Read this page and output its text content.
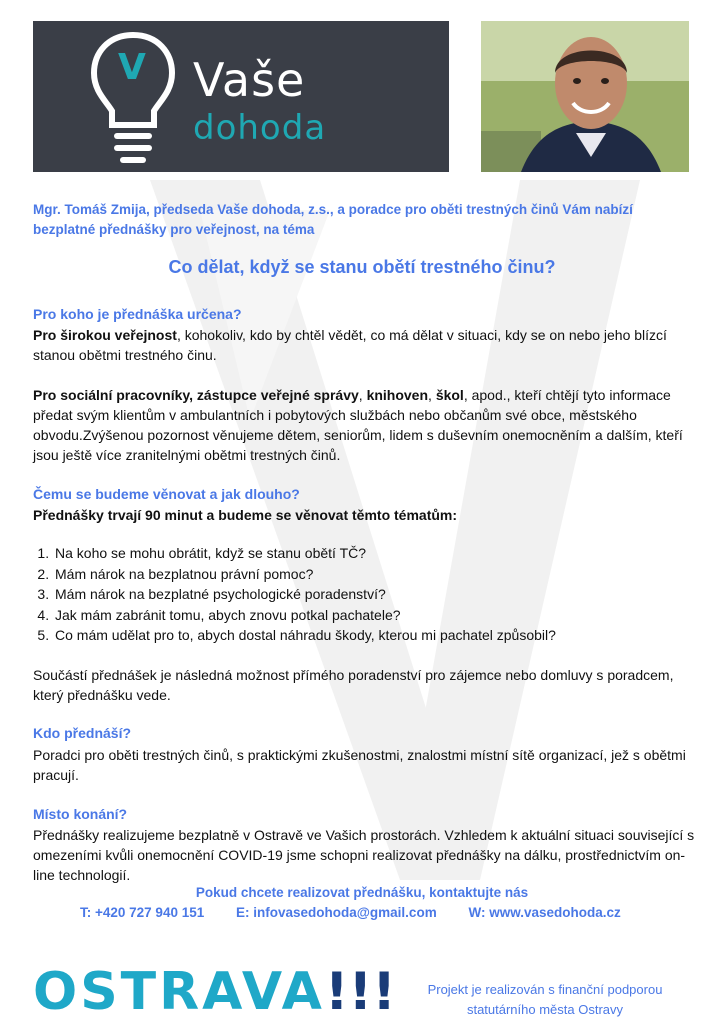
V Vaše
dohoda
Mgr. Tomáš Zmija, předseda Vaše dohoda, z.s., a poradce pro oběti trestných činů Vám nabízí bezplatné přednášky pro veřejnost, na téma
Co dělat, když se stanu obětí trestného činu?
Pro koho je přednáška určena?
Pro širokou veřejnost, kohokoliv, kdo by chtěl vědět, co má dělat v situaci, kdy se on nebo jeho blízcí stanou obětmi trestného činu.
Pro sociální pracovníky, zástupce veřejné správy, knihoven, škol, apod., kteří chtějí tyto informace předat svým klientům v ambulantních i pobytových službách nebo občanům své obce, městského obvodu.Zvýšenou pozornost věnujeme dětem, seniorům, lidem s duševním onemocněním a dalším, kteří jsou ještě více zranitelnými obětmi trestných činů.
Čemu se budeme věnovat a jak dlouho?
Přednášky trvají 90 minut a budeme se věnovat těmto tématům:
1. Na koho se mohu obrátit, když se stanu obětí TČ?
2. Mám nárok na bezplatnou právní pomoc?
3. Mám nárok na bezplatné psychologické poradenství?
4. Jak mám zabránit tomu, abych znovu potkal pachatele?
5. Co mám udělat pro to, abych dostal náhradu škody, kterou mi pachatel způsobil?
Součástí přednášek je následná možnost přímého poradenství pro zájemce nebo domluvy s poradcem, který přednášku vede.
Kdo přednáší?
Poradci pro oběti trestných činů, s praktickými zkušenostmi, znalostmi místní sítě organizací, jež s obětmi pracují.
Místo konání?
Přednášky realizujeme bezplatně v Ostravě ve Vašich prostorách. Vzhledem k aktuální situaci související s omezeními kvůli onemocnění COVID-19 jsme schopni realizovat přednášky na dálku, prostřednictvím on-line technologií.
Pokud chcete realizovat přednášku, kontaktujte nás
T: +420 727 940 151 E: infovasedohoda@gmail.com W: www.vasedohoda.cz
OSTRAVA!!!	Projekt je realizován s finanční podporou
statutárního města Ostravy
